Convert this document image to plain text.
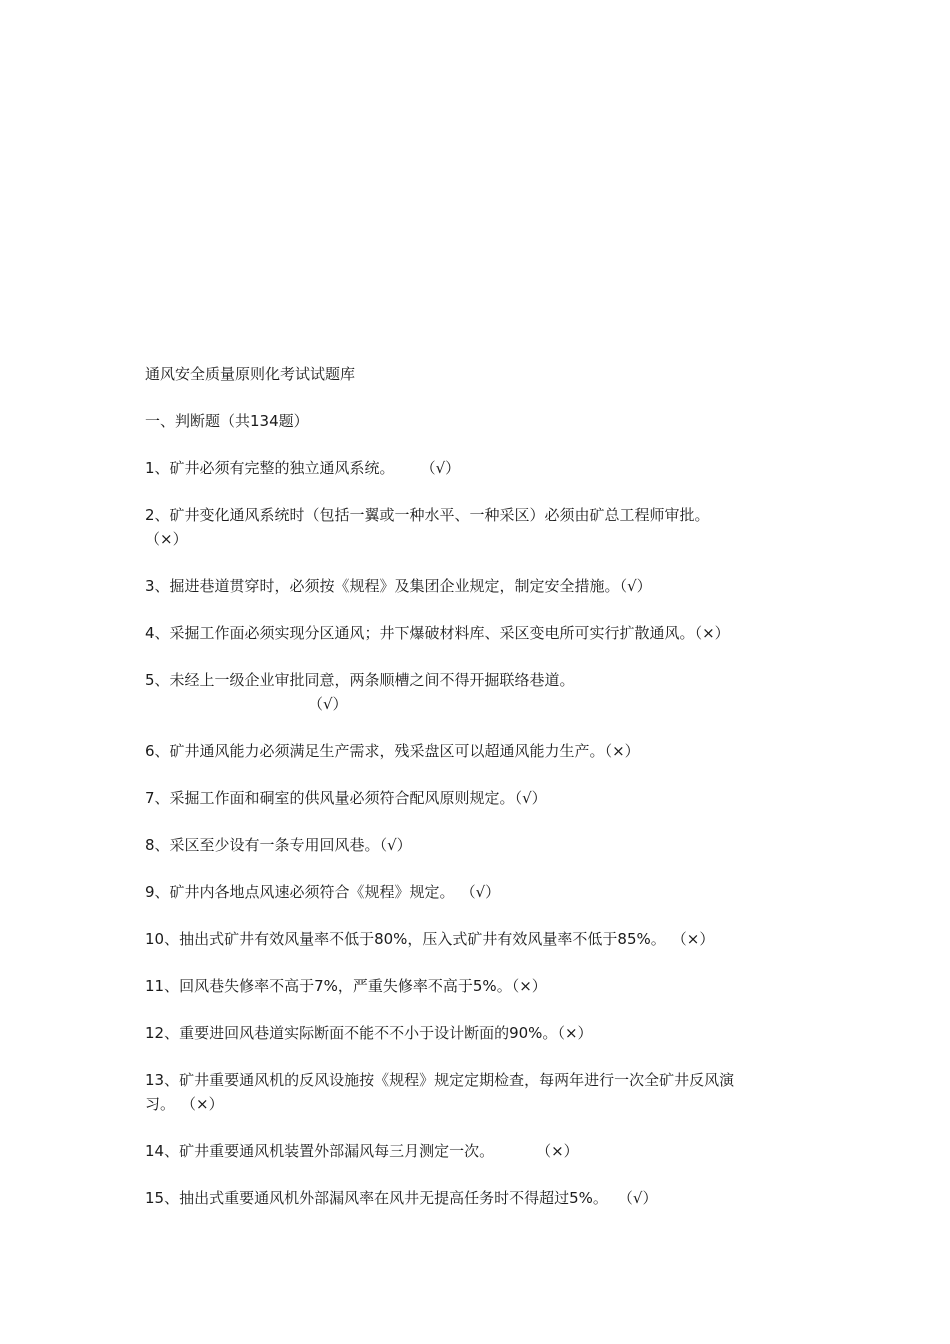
通风安全质量原则化考试试题库
一、判断题（共134题）
1、矿井必须有完整的独立通风系统。 （√）
2、矿井变化通风系统时（包括一翼或一种水平、一种采区）必须由矿总工程师审批。
（×）
3、掘进巷道贯穿时，必须按《规程》及集团企业规定，制定安全措施。（√）
4、采掘工作面必须实现分区通风；井下爆破材料库、采区变电所可实行扩散通风。（×）
5、未经上一级企业审批同意，两条顺槽之间不得开掘联络巷道。
（√）
6、矿井通风能力必须满足生产需求，残采盘区可以超通风能力生产。（×）
7、采掘工作面和硐室的供风量必须符合配风原则规定。（√）
8、采区至少设有一条专用回风巷。（√）
9、矿井内各地点风速必须符合《规程》规定。 （√）
10、抽出式矿井有效风量率不低于80%，压入式矿井有效风量率不低于85%。 （×）
11、回风巷失修率不高于7%，严重失修率不高于5%。（×）
12、重要进回风巷道实际断面不能不不小于设计断面的90%。（×）
13、矿井重要通风机的反风设施按《规程》规定定期检查，每两年进行一次全矿井反风演
习。 （×）
14、矿井重要通风机装置外部漏风每三月测定一次。	（×）
15、抽出式重要通风机外部漏风率在风井无提高任务时不得超过5%。 （√）
